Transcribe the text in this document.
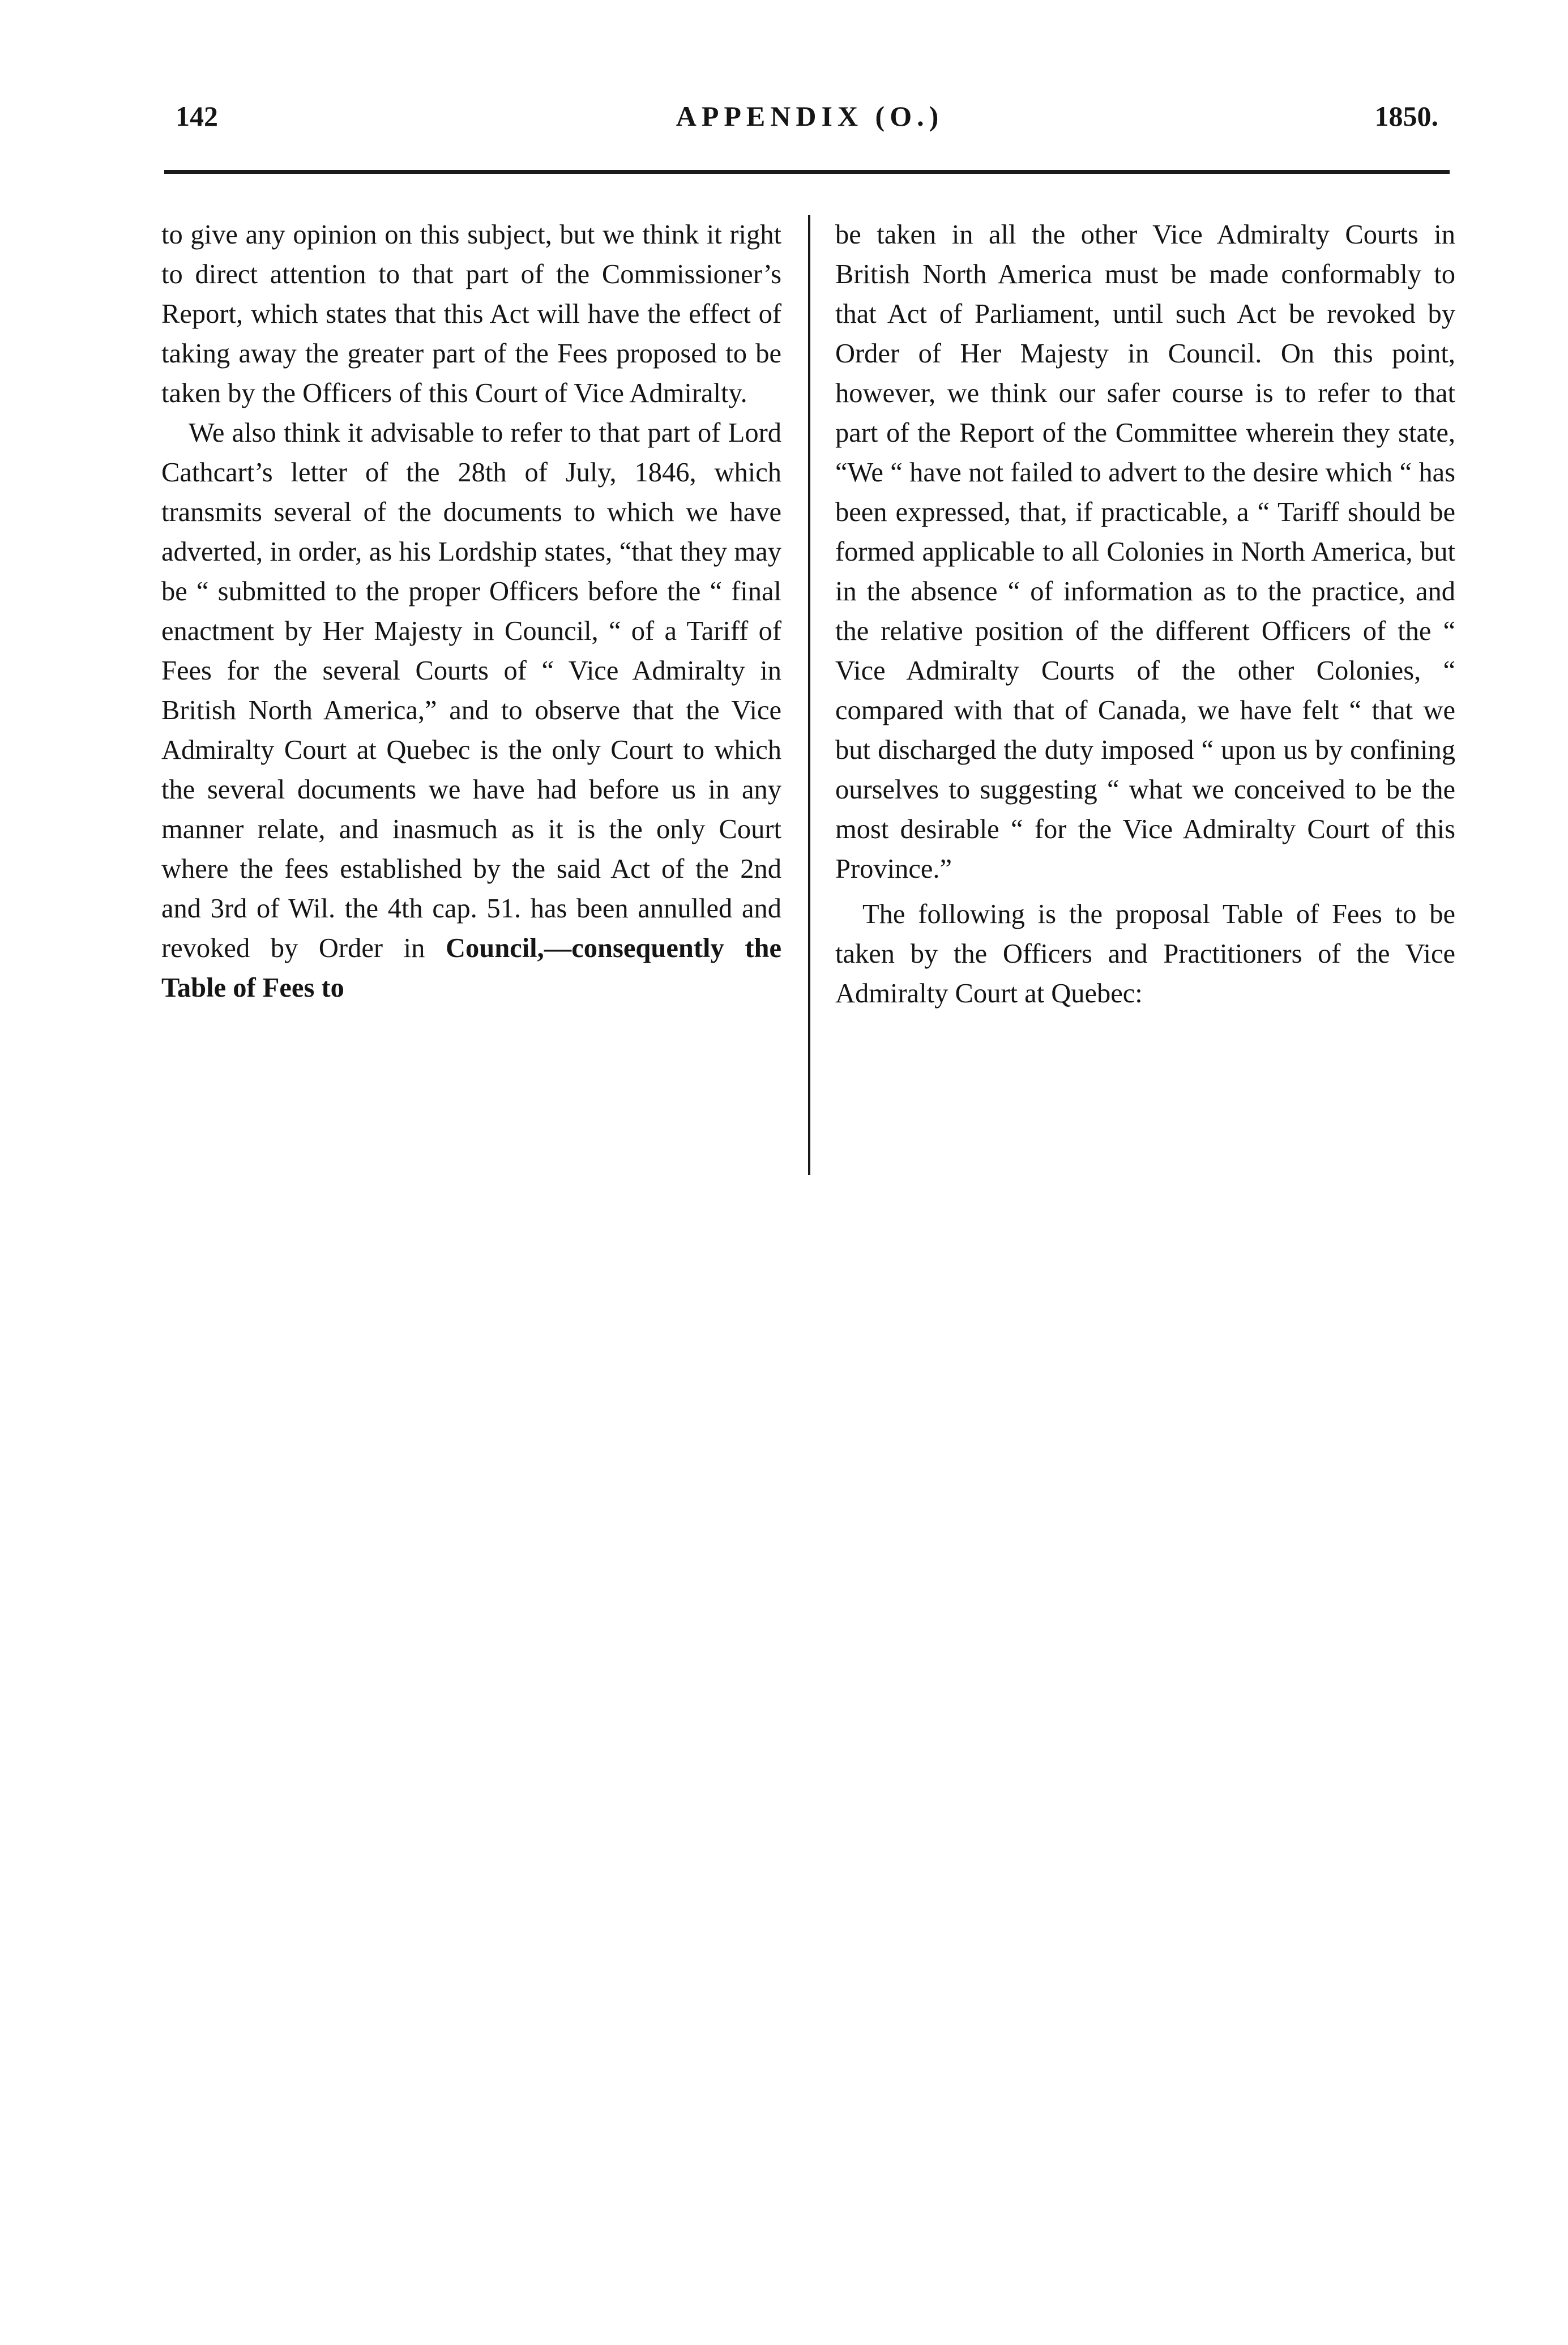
142	APPENDIX (O.)	1850.

to give any opinion on this subject, but we think it right to direct attention to that part of the Commissioner’s Report, which states that this Act will have the effect of taking away the greater part of the Fees proposed to be taken by the Officers of this Court of Vice Admiralty.

We also think it advisable to refer to that part of Lord Cathcart’s letter of the 28th of July, 1846, which transmits several of the documents to which we have adverted, in order, as his Lordship states, “that they may be “ submitted to the proper Officers before the “ final enactment by Her Majesty in Council, “ of a Tariff of Fees for the several Courts of “ Vice Admiralty in British North America,” and to observe that the Vice Admiralty Court at Quebec is the only Court to which the several documents we have had before us in any manner relate, and inasmuch as it is the only Court where the fees established by the said Act of the 2nd and 3rd of Wil. the 4th cap. 51. has been annulled and revoked by Order in Council,—consequently the Table of Fees to

be taken in all the other Vice Admiralty Courts in British North America must be made conformably to that Act of Parliament, until such Act be revoked by Order of Her Majesty in Council. On this point, however, we think our safer course is to refer to that part of the Report of the Committee wherein they state, “We “ have not failed to advert to the desire which “ has been expressed, that, if practicable, a “ Tariff should be formed applicable to all Colonies in North America, but in the absence “ of information as to the practice, and the relative position of the different Officers of the “ Vice Admiralty Courts of the other Colonies, “ compared with that of Canada, we have felt “ that we but discharged the duty imposed “ upon us by confining ourselves to suggesting “ what we conceived to be the most desirable “ for the Vice Admiralty Court of this Province.”

The following is the proposal Table of Fees to be taken by the Officers and Practitioners of the Vice Admiralty Court at Quebec:
